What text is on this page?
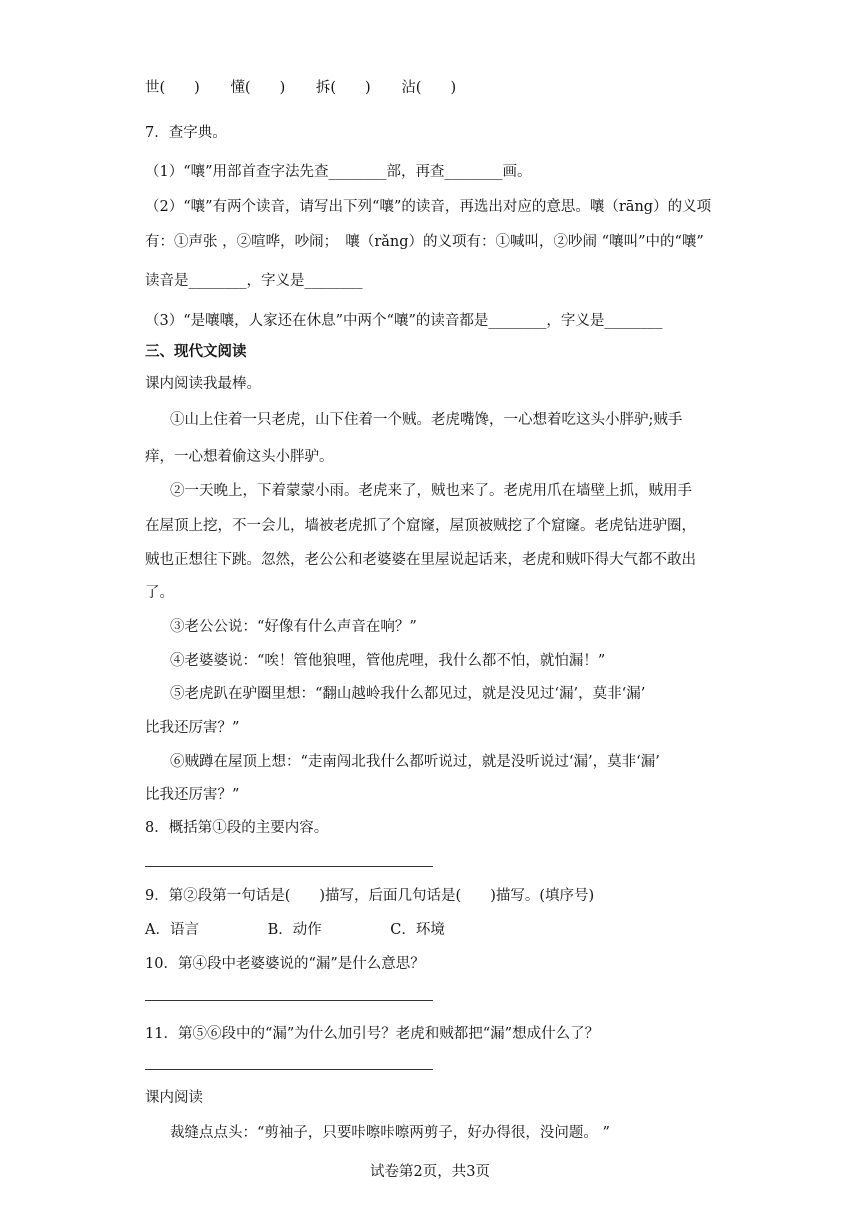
世(　　) 懂(　　) 拆(　　) 沾(　　)
7．查字典。
（1）“嚷”用部首查字法先查________部，再查________画。
（2）“嚷”有两个读音，请写出下列“嚷”的读音，再选出对应的意思。嚷（rāng）的义项
有：①声张 ，②喧哗，吵闹；　嚷（rǎng）的义项有：①喊叫，②吵闹 “嚷叫”中的“嚷”
读音是________，字义是________
（3）“是嚷嚷，人家还在休息”中两个“嚷”的读音都是________，字义是________
三、现代文阅读
课内阅读我最棒。
①山上住着一只老虎，山下住着一个贼。老虎嘴馋，一心想着吃这头小胖驴;贼手
痒，一心想着偷这头小胖驴。
②一天晚上，下着蒙蒙小雨。老虎来了，贼也来了。老虎用爪在墙壁上抓，贼用手
在屋顶上挖，不一会儿，墙被老虎抓了个窟窿，屋顶被贼挖了个窟窿。老虎钻进驴圈，
贼也正想往下跳。忽然，老公公和老婆婆在里屋说起话来，老虎和贼吓得大气都不敢出
了。
③老公公说：“好像有什么声音在响？”
④老婆婆说：“唉！管他狼哩，管他虎哩，我什么都不怕，就怕漏！”
⑤老虎趴在驴圈里想：“翻山越岭我什么都见过，就是没见过‘漏’，莫非‘漏’
比我还厉害？”
⑥贼蹲在屋顶上想：“走南闯北我什么都听说过，就是没听说过‘漏’，莫非‘漏’
比我还厉害？”
8．概括第①段的主要内容。
9．第②段第一句话是(　　)描写，后面几句话是(　　)描写。(填序号)
A．语言	B．动作	C．环境
10．第④段中老婆婆说的“漏”是什么意思？
11．第⑤⑥段中的“漏”为什么加引号？老虎和贼都把“漏”想成什么了？
课内阅读
裁缝点点头：“剪袖子，只要咔嚓咔嚓两剪子，好办得很，没问题。 ”
试卷第2页，共3页
